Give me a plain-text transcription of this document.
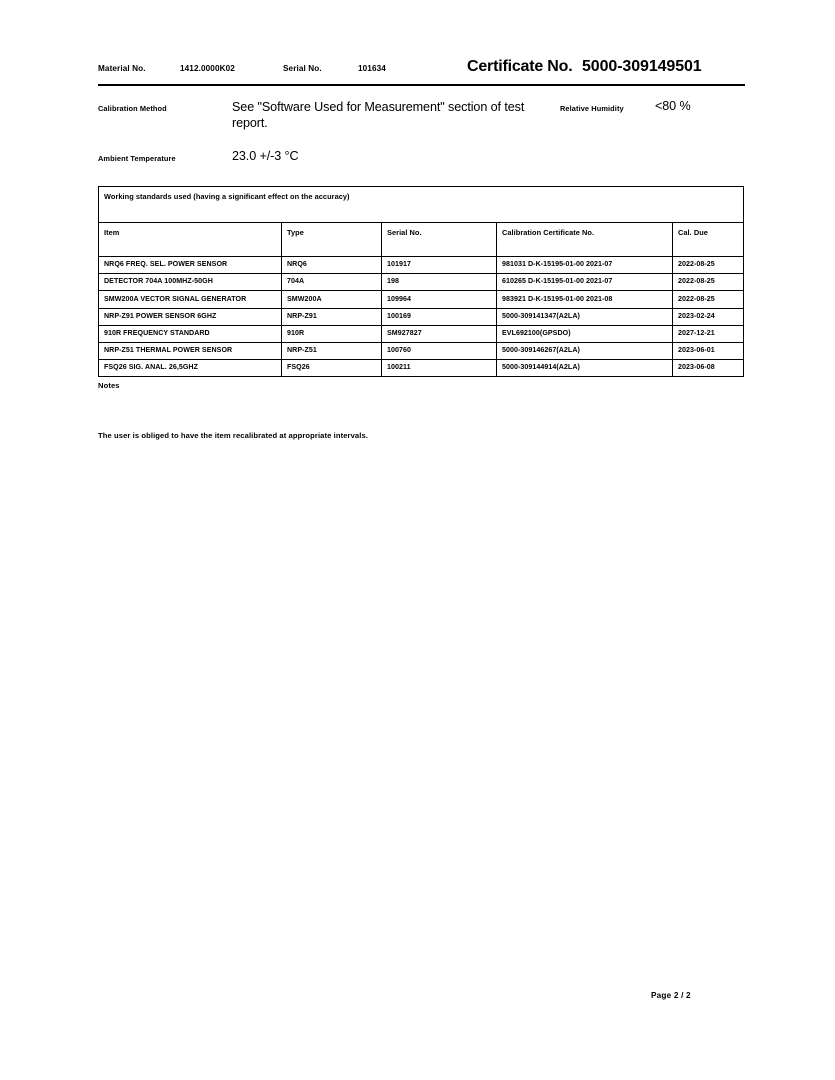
Material No.	1412.0000K02	Serial No.	101634	Certificate No. 5000-309149501
Calibration Method	See "Software Used for Measurement" section of test report.
Relative Humidity <80 %
Ambient Temperature	23.0 +/-3 °C
Working standards used (having a significant effect on the accuracy)				
Item	Type	Serial No.	Calibration Certificate No.	Cal. Due
NRQ6 FREQ. SEL. POWER SENSOR	NRQ6	101917	981031 D-K-15195-01-00 2021-07	2022-08-25
DETECTOR 704A 100MHZ-50GH	704A	198	610265 D-K-15195-01-00 2021-07	2022-08-25
SMW200A VECTOR SIGNAL GENERATOR	SMW200A	109964	983921 D-K-15195-01-00 2021-08	2022-08-25
NRP-Z91 POWER SENSOR 6GHZ	NRP-Z91	100169	5000-309141347(A2LA)	2023-02-24
910R FREQUENCY STANDARD	910R	SM927827	EVL692100(GPSDO)	2027-12-21
NRP-Z51 THERMAL POWER SENSOR	NRP-Z51	100760	5000-309146267(A2LA)	2023-06-01
FSQ26 SIG. ANAL. 26,5GHZ	FSQ26	100211	5000-309144914(A2LA)	2023-06-08
Notes
The user is obliged to have the item recalibrated at appropriate intervals.
Page 2 / 2
